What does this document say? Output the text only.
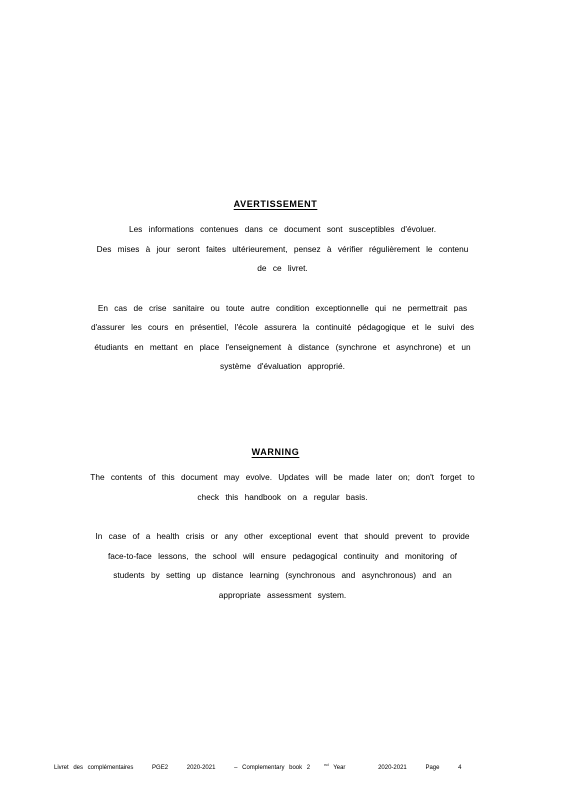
AVERTISSEMENT

Les informations contenues dans ce document sont susceptibles d'évoluer.
Des mises à jour seront faites ultérieurement, pensez à vérifier régulièrement le contenu
de ce livret.

En cas de crise sanitaire ou toute autre condition exceptionnelle qui ne permettrait pas
d'assurer les cours en présentiel, l'école assurera la continuité pédagogique et le suivi des
étudiants en mettant en place l'enseignement à distance (synchrone et asynchrone) et un
système d'évaluation approprié.

WARNING

The contents of this document may evolve. Updates will be made later on; don't forget to
check this handbook on a regular basis.

In case of a health crisis or any other exceptional event that should prevent to provide
face-to-face lessons, the school will ensure pedagogical continuity and monitoring of
students by setting up distance learning (synchronous and asynchronous) and an
appropriate assessment system.

Livret des complémentaires	PGE2	2020-2021	– Complementary book 2nd Year	2020-2021	Page	4
